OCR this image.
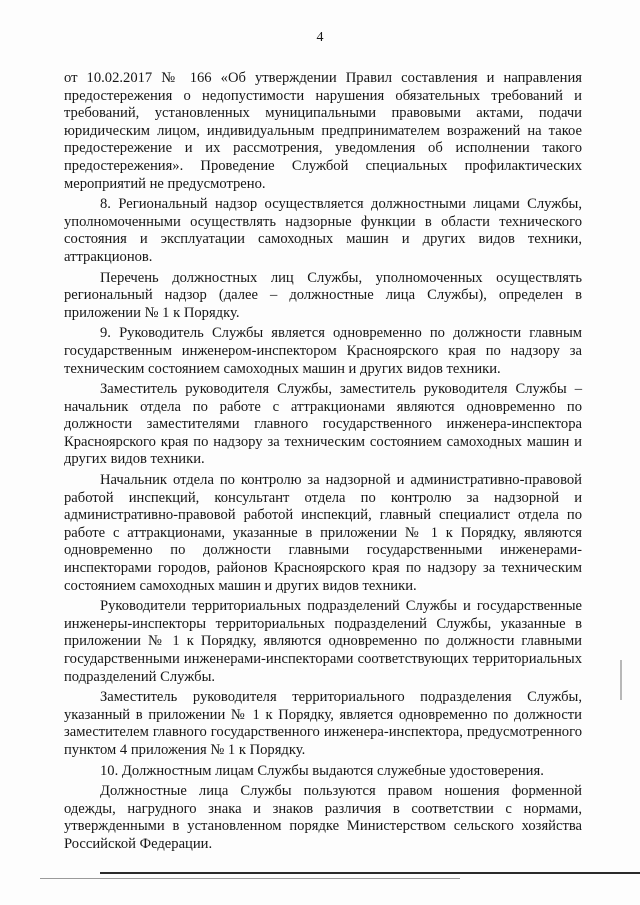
4

от 10.02.2017 № 166 «Об утверждении Правил составления и направления предостережения о недопустимости нарушения обязательных требований и требований, установленных муниципальными правовыми актами, подачи юридическим лицом, индивидуальным предпринимателем возражений на такое предостережение и их рассмотрения, уведомления об исполнении такого предостережения». Проведение Службой специальных профилактических мероприятий не предусмотрено.

8. Региональный надзор осуществляется должностными лицами Службы, уполномоченными осуществлять надзорные функции в области технического состояния и эксплуатации самоходных машин и других видов техники, аттракционов.

Перечень должностных лиц Службы, уполномоченных осуществлять региональный надзор (далее – должностные лица Службы), определен в приложении № 1 к Порядку.

9. Руководитель Службы является одновременно по должности главным государственным инженером-инспектором Красноярского края по надзору за техническим состоянием самоходных машин и других видов техники.

Заместитель руководителя Службы, заместитель руководителя Службы – начальник отдела по работе с аттракционами являются одновременно по должности заместителями главного государственного инженера-инспектора Красноярского края по надзору за техническим состоянием самоходных машин и других видов техники.

Начальник отдела по контролю за надзорной и административно-правовой работой инспекций, консультант отдела по контролю за надзорной и административно-правовой работой инспекций, главный специалист отдела по работе с аттракционами, указанные в приложении № 1 к Порядку, являются одновременно по должности главными государственными инженерами-инспекторами городов, районов Красноярского края по надзору за техническим состоянием самоходных машин и других видов техники.

Руководители территориальных подразделений Службы и государственные инженеры-инспекторы территориальных подразделений Службы, указанные в приложении № 1 к Порядку, являются одновременно по должности главными государственными инженерами-инспекторами соответствующих территориальных подразделений Службы.

Заместитель руководителя территориального подразделения Службы, указанный в приложении № 1 к Порядку, является одновременно по должности заместителем главного государственного инженера-инспектора, предусмотренного пунктом 4 приложения № 1 к Порядку.

10. Должностным лицам Службы выдаются служебные удостоверения.

Должностные лица Службы пользуются правом ношения форменной одежды, нагрудного знака и знаков различия в соответствии с нормами, утвержденными в установленном порядке Министерством сельского хозяйства Российской Федерации.
